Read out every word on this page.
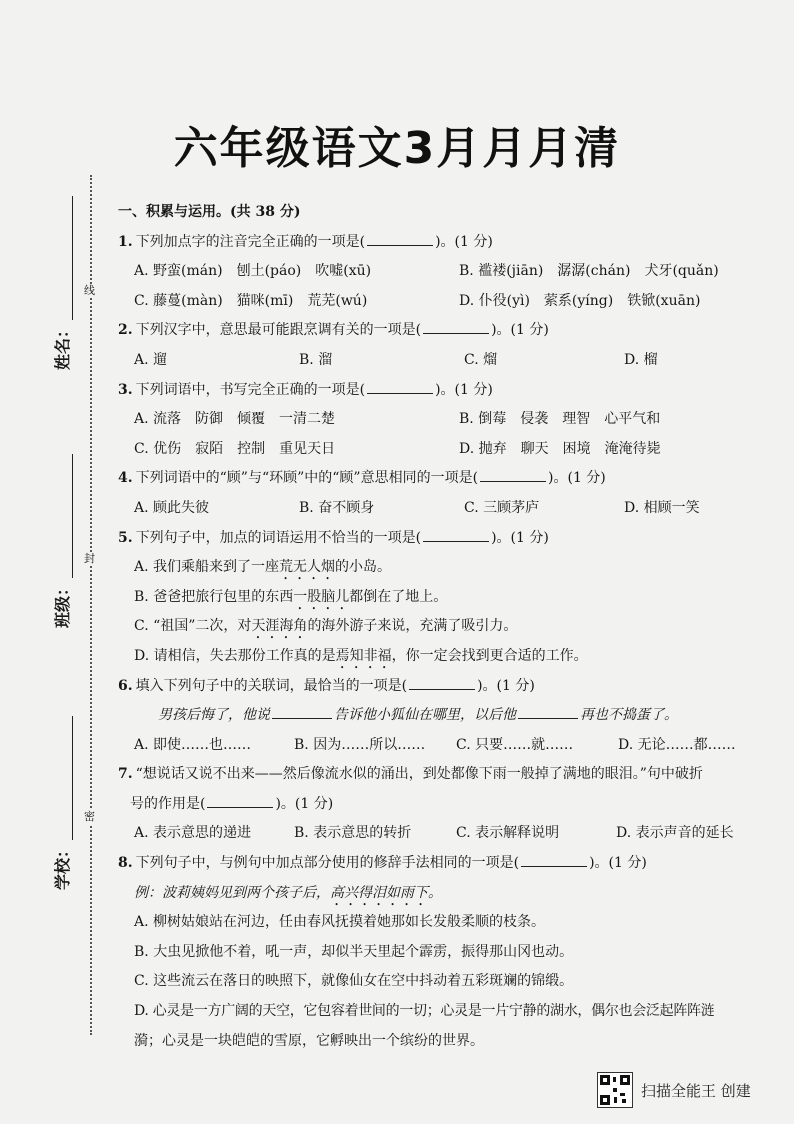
六年级语文3月月月清
线
封
密
姓名：
班级：
学校：
一、积累与运用。(共 38 分)
1. 下列加点字的注音完全正确的一项是(	)。(1 分)
A. 野蛮(mán)　刨土(páo)　吹嘘(xū)	B. 褴褛(jiān)　潺潺(chán)　犬牙(quǎn)
C. 藤蔓(màn)　猫咪(mī)　荒芜(wú)	D. 仆役(yì)　萦系(yíng)　铁锨(xuān)
2. 下列汉字中，意思最可能跟烹调有关的一项是(	)。(1 分)
A. 遛	B. 溜	C. 熘	D. 榴
3. 下列词语中，书写完全正确的一项是(	)。(1 分)
A. 流落　防御　倾覆　一清二楚	B. 倒莓　侵袭　理智　心平气和
C. 优伤　寂陌　控制　重见天日	D. 抛弃　聊天　困境　淹淹待毙
4. 下列词语中的“顾”与“环顾”中的“顾”意思相同的一项是(	)。(1 分)
A. 顾此失彼	B. 奋不顾身	C. 三顾茅庐	D. 相顾一笑
5. 下列句子中，加点的词语运用不恰当的一项是(	)。(1 分)
A. 我们乘船来到了一座荒无人烟的小岛。
B. 爸爸把旅行包里的东西一股脑儿都倒在了地上。
C. “祖国”二次，对天涯海角的海外游子来说，充满了吸引力。
D. 请相信，失去那份工作真的是焉知非福，你一定会找到更合适的工作。
6. 填入下列句子中的关联词，最恰当的一项是(	)。(1 分)
男孩后悔了，他说	告诉他小狐仙在哪里，以后他	再也不捣蛋了。
A. 即使……也……	B. 因为……所以……	C. 只要……就……	D. 无论……都……
7. “想说话又说不出来——然后像流水似的涌出，到处都像下雨一般掉了满地的眼泪。”句中破折
号的作用是(	)。(1 分)
A. 表示意思的递进	B. 表示意思的转折	C. 表示解释说明	D. 表示声音的延长
8. 下列句子中，与例句中加点部分使用的修辞手法相同的一项是(	)。(1 分)
例：波莉姨妈见到两个孩子后，高兴得泪如雨下。
A. 柳树姑娘站在河边，任由春风抚摸着她那如长发般柔顺的枝条。
B. 大虫见掀他不着，吼一声，却似半天里起个霹雳，振得那山冈也动。
C. 这些流云在落日的映照下，就像仙女在空中抖动着五彩斑斓的锦缎。
D. 心灵是一方广阔的天空，它包容着世间的一切；心灵是一片宁静的湖水，偶尔也会泛起阵阵涟
漪；心灵是一块皑皑的雪原，它孵映出一个缤纷的世界。
扫描全能王 创建
